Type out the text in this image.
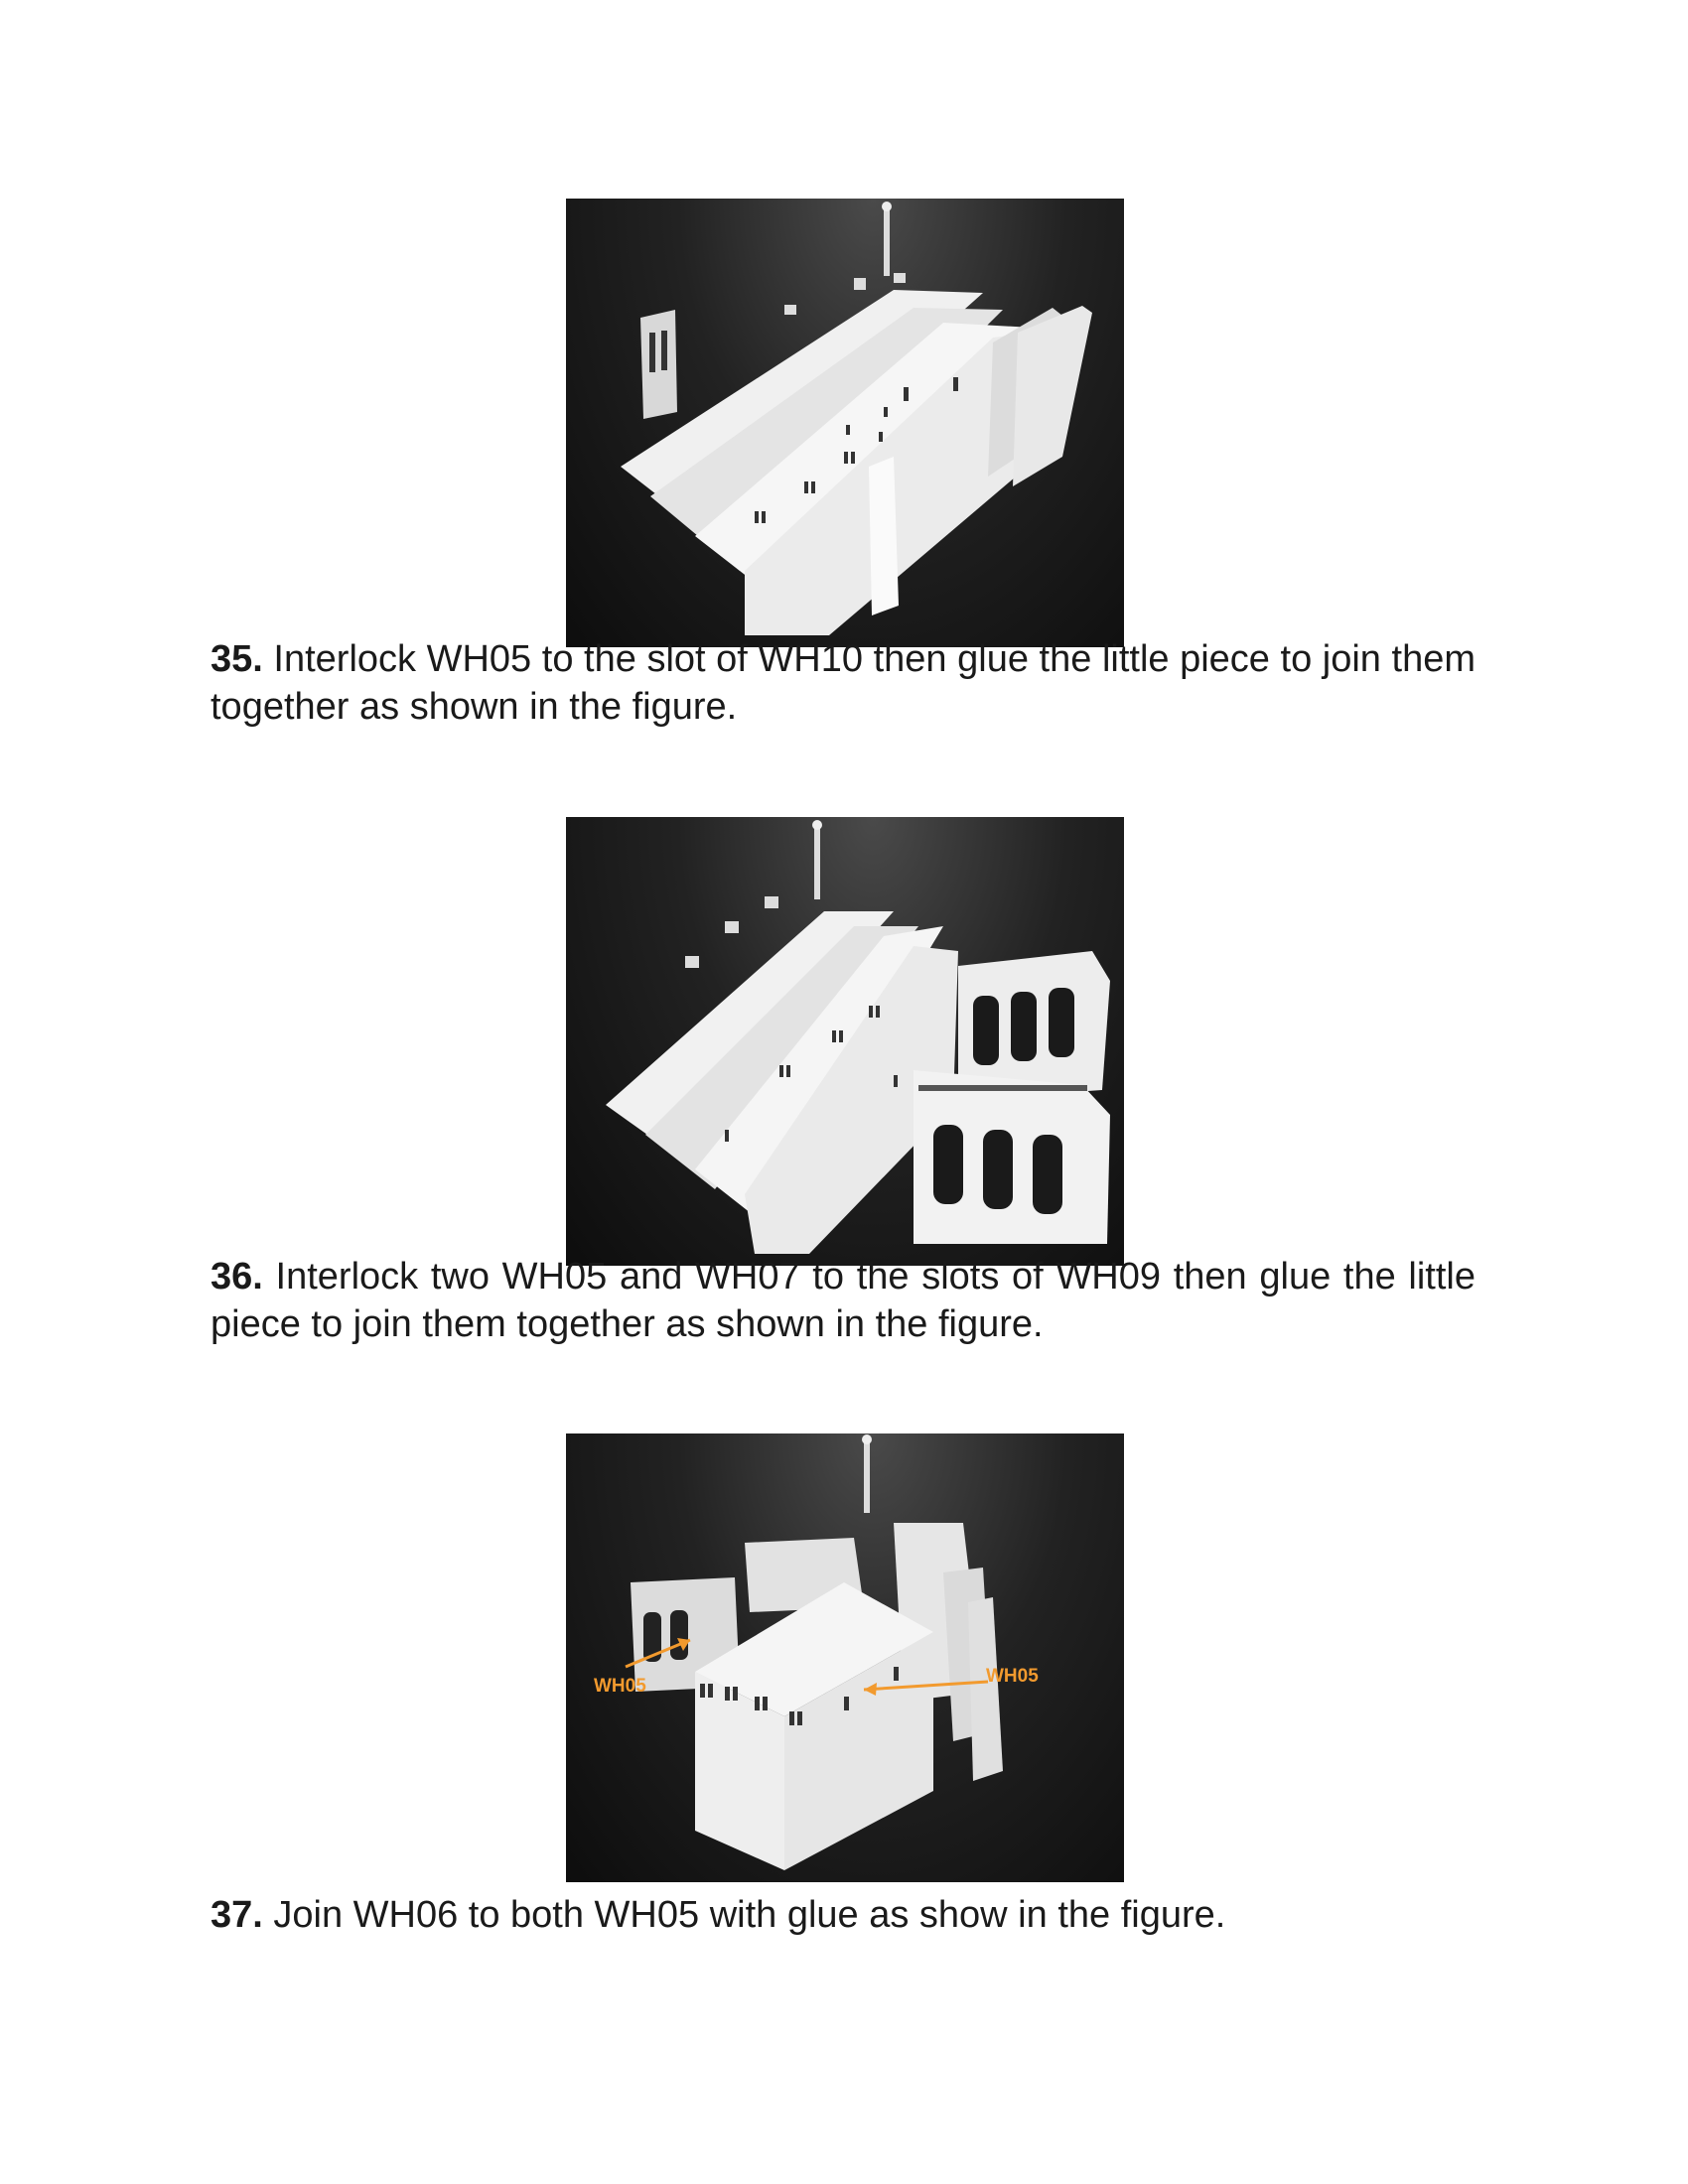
35. Interlock WH05 to the slot of WH10 then glue the little piece to join them together as shown in the figure.

36. Interlock two WH05 and WH07 to the slots of WH09 then glue the little piece to join them together as shown in the figure.

WH05	WH05

37. Join WH06 to both WH05 with glue as show in the figure.
